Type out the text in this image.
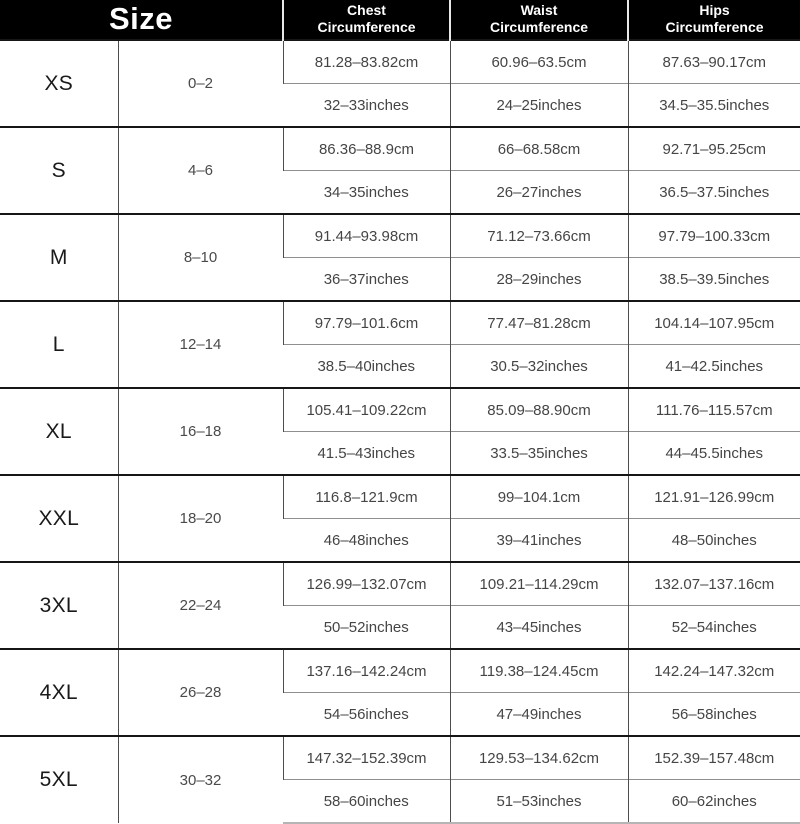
Size		Chest Circumference	Waist Circumference	Hips Circumference
XS	0–2	81.28–83.82cm	60.96–63.5cm	87.63–90.17cm
		32–33inches	24–25inches	34.5–35.5inches
S	4–6	86.36–88.9cm	66–68.58cm	92.71–95.25cm
		34–35inches	26–27inches	36.5–37.5inches
M	8–10	91.44–93.98cm	71.12–73.66cm	97.79–100.33cm
		36–37inches	28–29inches	38.5–39.5inches
L	12–14	97.79–101.6cm	77.47–81.28cm	104.14–107.95cm
		38.5–40inches	30.5–32inches	41–42.5inches
XL	16–18	105.41–109.22cm	85.09–88.90cm	111.76–115.57cm
		41.5–43inches	33.5–35inches	44–45.5inches
XXL	18–20	116.8–121.9cm	99–104.1cm	121.91–126.99cm
		46–48inches	39–41inches	48–50inches
3XL	22–24	126.99–132.07cm	109.21–114.29cm	132.07–137.16cm
		50–52inches	43–45inches	52–54inches
4XL	26–28	137.16–142.24cm	119.38–124.45cm	142.24–147.32cm
		54–56inches	47–49inches	56–58inches
5XL	30–32	147.32–152.39cm	129.53–134.62cm	152.39–157.48cm
		58–60inches	51–53inches	60–62inches
